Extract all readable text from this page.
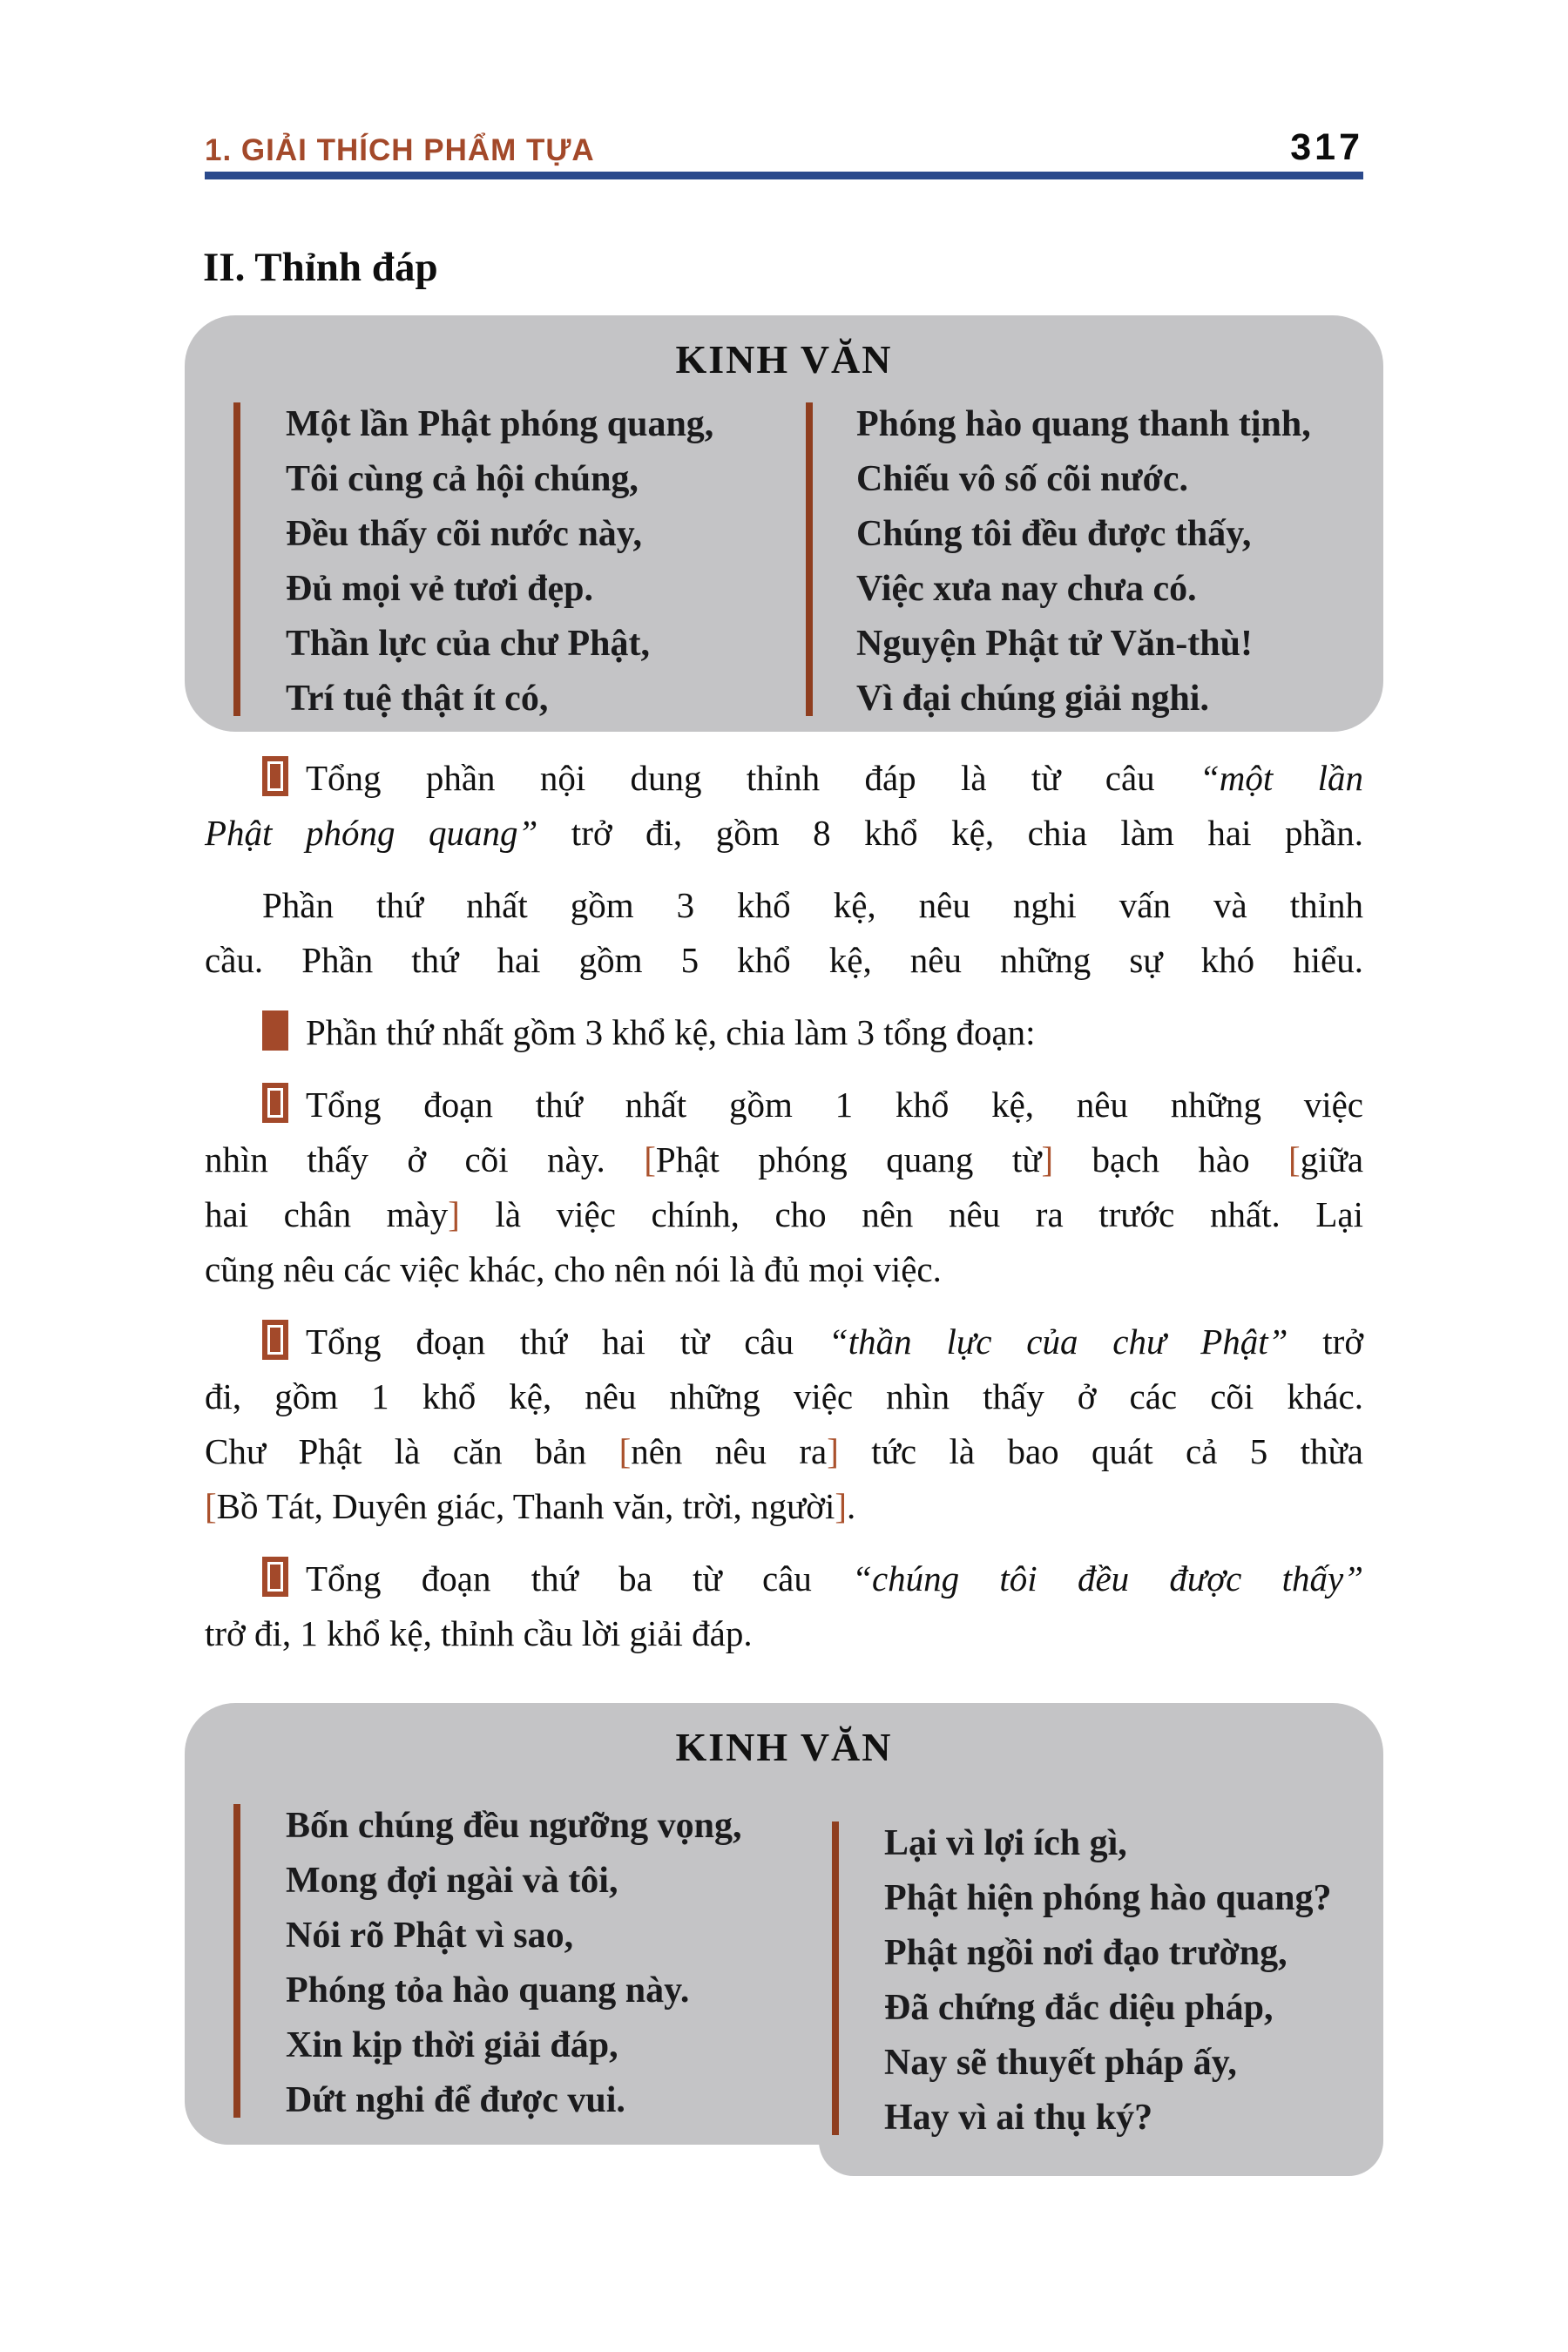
1. GIẢI THÍCH PHẨM TỰA	317
II. Thỉnh đáp
KINH VĂN
Một lần Phật phóng quang,
Tôi cùng cả hội chúng,
Đều thấy cõi nước này,
Đủ mọi vẻ tươi đẹp.
Thần lực của chư Phật,
Trí tuệ thật ít có,
Phóng hào quang thanh tịnh,
Chiếu vô số cõi nước.
Chúng tôi đều được thấy,
Việc xưa nay chưa có.
Nguyện Phật tử Văn-thù!
Vì đại chúng giải nghi.
Tổng phần nội dung thỉnh đáp là từ câu “một lần
Phật phóng quang” trở đi, gồm 8 khổ kệ, chia làm hai phần.
Phần thứ nhất gồm 3 khổ kệ, nêu nghi vấn và thỉnh
cầu. Phần thứ hai gồm 5 khổ kệ, nêu những sự khó hiểu.
Phần thứ nhất gồm 3 khổ kệ, chia làm 3 tổng đoạn:
Tổng đoạn thứ nhất gồm 1 khổ kệ, nêu những việc
nhìn thấy ở cõi này. [Phật phóng quang từ] bạch hào [giữa
hai chân mày] là việc chính, cho nên nêu ra trước nhất. Lại
cũng nêu các việc khác, cho nên nói là đủ mọi việc.
Tổng đoạn thứ hai từ câu “thần lực của chư Phật” trở
đi, gồm 1 khổ kệ, nêu những việc nhìn thấy ở các cõi khác.
Chư Phật là căn bản [nên nêu ra] tức là bao quát cả 5 thừa
[Bồ Tát, Duyên giác, Thanh văn, trời, người].
Tổng đoạn thứ ba từ câu “chúng tôi đều được thấy”
trở đi, 1 khổ kệ, thỉnh cầu lời giải đáp.
KINH VĂN
Bốn chúng đều ngưỡng vọng,
Mong đợi ngài và tôi,
Nói rõ Phật vì sao,
Phóng tỏa hào quang này.
Xin kịp thời giải đáp,
Dứt nghi để được vui.
Lại vì lợi ích gì,
Phật hiện phóng hào quang?
Phật ngồi nơi đạo trường,
Đã chứng đắc diệu pháp,
Nay sẽ thuyết pháp ấy,
Hay vì ai thụ ký?
